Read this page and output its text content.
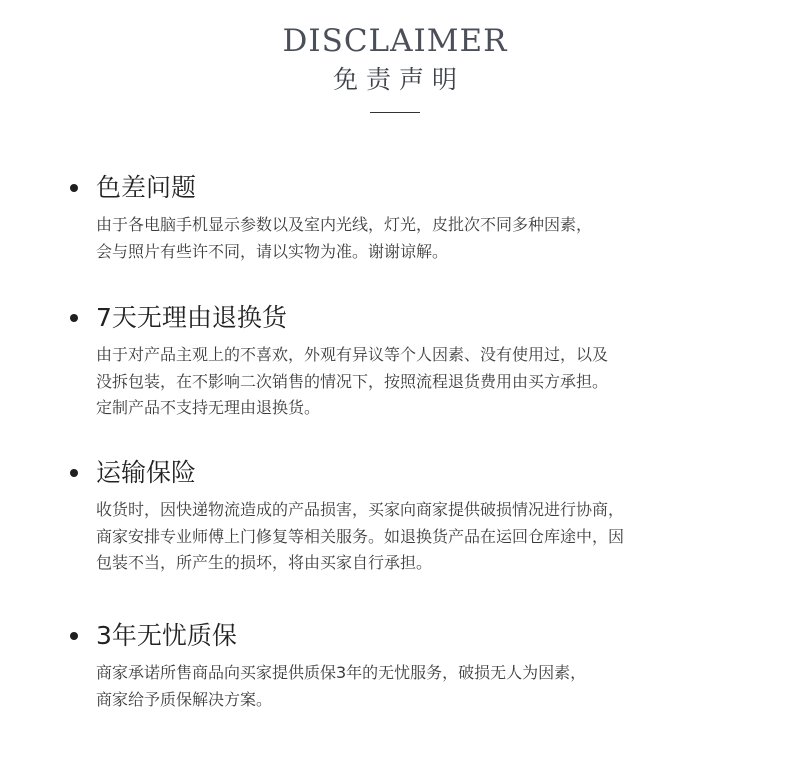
DISCLAIMER
免责声明
色差问题

由于各电脑手机显示参数以及室内光线，灯光，皮批次不同多种因素，

会与照片有些许不同，请以实物为准。谢谢谅解。

7天无理由退换货

由于对产品主观上的不喜欢，外观有异议等个人因素、没有使用过，以及

没拆包装，在不影响二次销售的情况下，按照流程退货费用由买方承担。

定制产品不支持无理由退换货。

运输保险

收货时，因快递物流造成的产品损害，买家向商家提供破损情况进行协商，

商家安排专业师傅上门修复等相关服务。如退换货产品在运回仓库途中，因

包装不当，所产生的损坏，将由买家自行承担。

3年无忧质保

商家承诺所售商品向买家提供质保3年的无忧服务，破损无人为因素，

商家给予质保解决方案。
